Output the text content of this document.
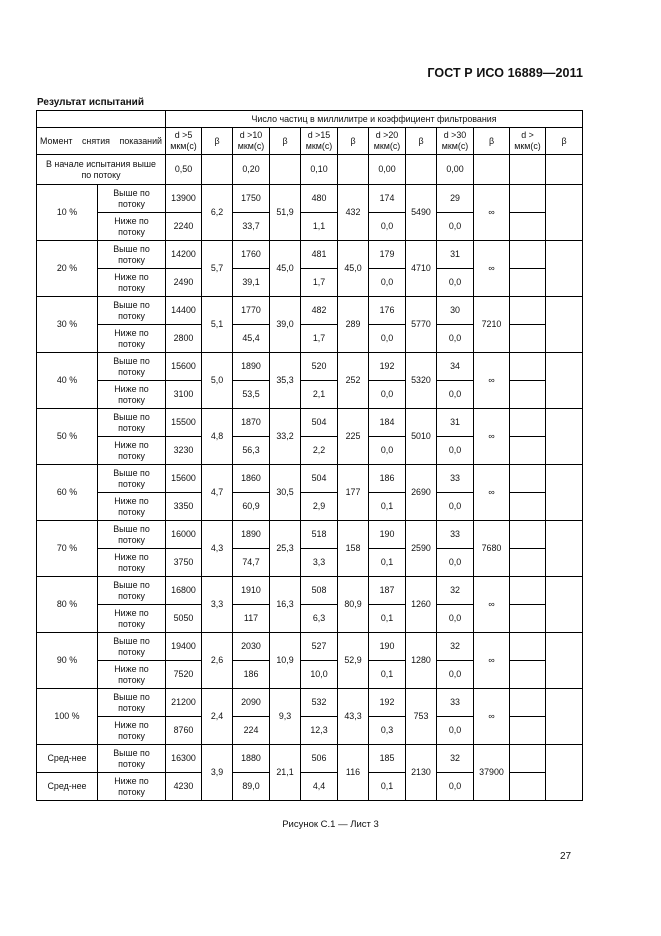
ГОСТ Р ИСО 16889—2011
Результат испытаний
		Число частиц в миллилитре и коэффициент фильтрования											
Момент снятия показаний		d >5 мкм(с)	β	d >10 мкм(с)	β	d >15 мкм(с)	β	d >20 мкм(с)	β	d >30 мкм(с)	β	d > мкм(с)	β
В начале испытания выше по потоку		0,50		0,20		0,10		0,00		0,00			
10 %	Выше по потоку	13900	6,2	1750	51,9	480	432	174	5490	29	∞		
	Ниже по потоку	2240		33,7		1,1		0,0		0,0			
20 %	Выше по потоку	14200	5,7	1760	45,0	481	45,0	179	4710	31	∞		
	Ниже по потоку	2490		39,1		1,7		0,0		0,0			
30 %	Выше по потоку	14400	5,1	1770	39,0	482	289	176	5770	30	7210		
	Ниже по потоку	2800		45,4		1,7		0,0		0,0			
40 %	Выше по потоку	15600	5,0	1890	35,3	520	252	192	5320	34	∞		
	Ниже по потоку	3100		53,5		2,1		0,0		0,0			
50 %	Выше по потоку	15500	4,8	1870	33,2	504	225	184	5010	31	∞		
	Ниже по потоку	3230		56,3		2,2		0,0		0,0			
60 %	Выше по потоку	15600	4,7	1860	30,5	504	177	186	2690	33	∞		
	Ниже по потоку	3350		60,9		2,9		0,1		0,0			
70 %	Выше по потоку	16000	4,3	1890	25,3	518	158	190	2590	33	7680		
	Ниже по потоку	3750		74,7		3,3		0,1		0,0			
80 %	Выше по потоку	16800	3,3	1910	16,3	508	80,9	187	1260	32	∞		
	Ниже по потоку	5050		117		6,3		0,1		0,0			
90 %	Выше по потоку	19400	2,6	2030	10,9	527	52,9	190	1280	32	∞		
	Ниже по потоку	7520		186		10,0		0,1		0,0			
100 %	Выше по потоку	21200	2,4	2090	9,3	532	43,3	192	753	33	∞		
	Ниже по потоку	8760		224		12,3		0,3		0,0			
Сред-нее	Выше по потоку	16300	3,9	1880	21,1	506	116	185	2130	32	37900		
Сред-нее	Ниже по потоку	4230		89,0		4,4		0,1		0,0			
Рисунок С.1 — Лист 3
27
